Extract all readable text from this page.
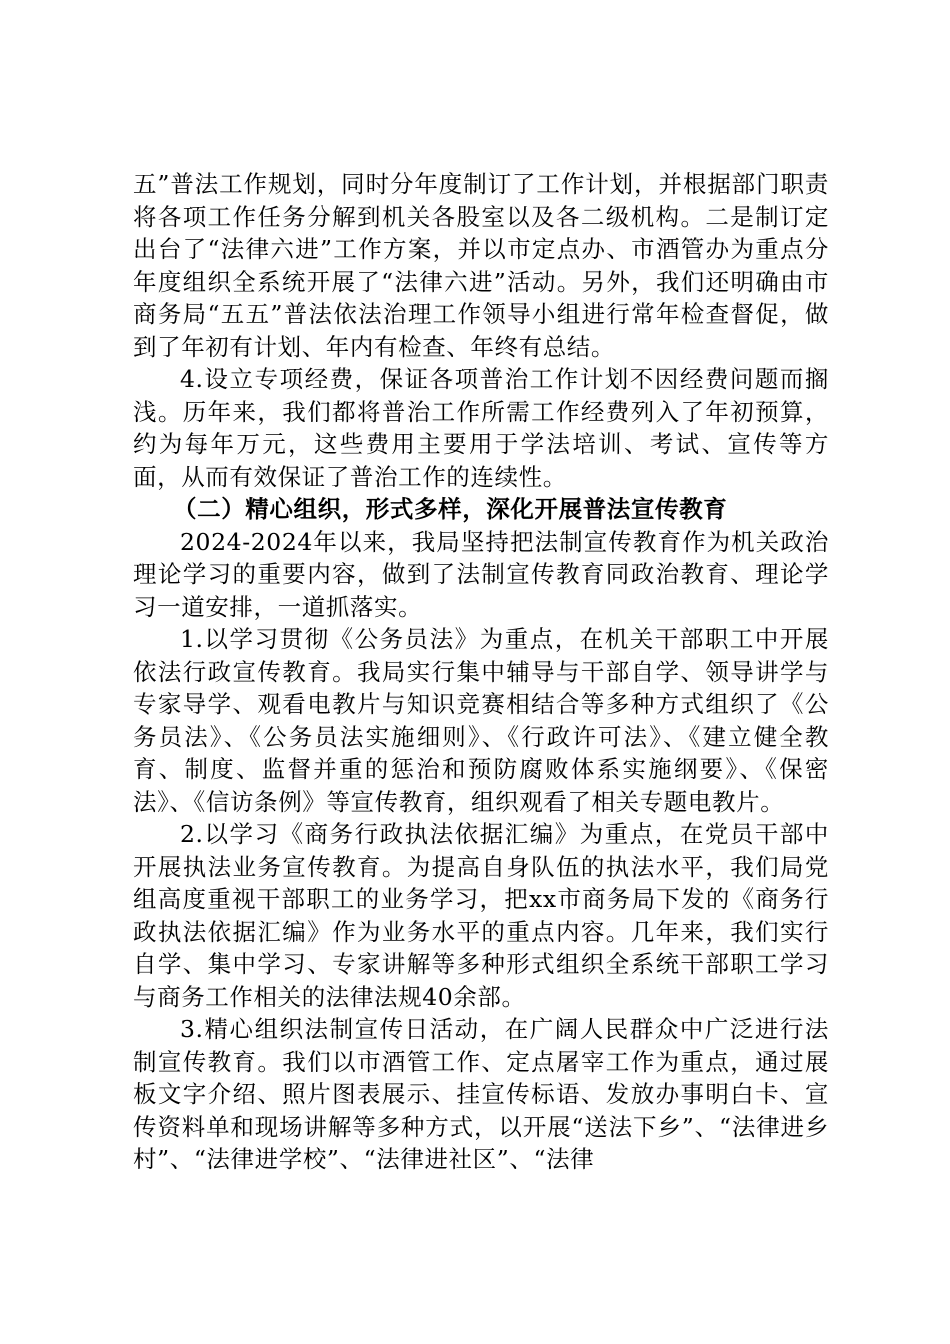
五”普法工作规划，同时分年度制订了工作计划，并根据部门职责将各项工作任务分解到机关各股室以及各二级机构。二是制订定出台了“法律六进”工作方案，并以市定点办、市酒管办为重点分年度组织全系统开展了“法律六进”活动。另外，我们还明确由市商务局“五五”普法依法治理工作领导小组进行常年检查督促，做到了年初有计划、年内有检查、年终有总结。

4.设立专项经费，保证各项普治工作计划不因经费问题而搁浅。历年来，我们都将普治工作所需工作经费列入了年初预算，约为每年万元，这些费用主要用于学法培训、考试、宣传等方面，从而有效保证了普治工作的连续性。

（二）精心组织，形式多样，深化开展普法宣传教育

2024-2024年以来，我局坚持把法制宣传教育作为机关政治理论学习的重要内容，做到了法制宣传教育同政治教育、理论学习一道安排，一道抓落实。

1.以学习贯彻《公务员法》为重点，在机关干部职工中开展依法行政宣传教育。我局实行集中辅导与干部自学、领导讲学与专家导学、观看电教片与知识竞赛相结合等多种方式组织了《公务员法》、《公务员法实施细则》、《行政许可法》、《建立健全教育、制度、监督并重的惩治和预防腐败体系实施纲要》、《保密法》、《信访条例》等宣传教育，组织观看了相关专题电教片。

2.以学习《商务行政执法依据汇编》为重点，在党员干部中开展执法业务宣传教育。为提高自身队伍的执法水平，我们局党组高度重视干部职工的业务学习，把xx市商务局下发的《商务行政执法依据汇编》作为业务水平的重点内容。几年来，我们实行自学、集中学习、专家讲解等多种形式组织全系统干部职工学习与商务工作相关的法律法规40余部。

3.精心组织法制宣传日活动，在广阔人民群众中广泛进行法制宣传教育。我们以市酒管工作、定点屠宰工作为重点，通过展板文字介绍、照片图表展示、挂宣传标语、发放办事明白卡、宣传资料单和现场讲解等多种方式，以开展“送法下乡”、“法律进乡村”、“法律进学校”、“法律进社区”、“法律
